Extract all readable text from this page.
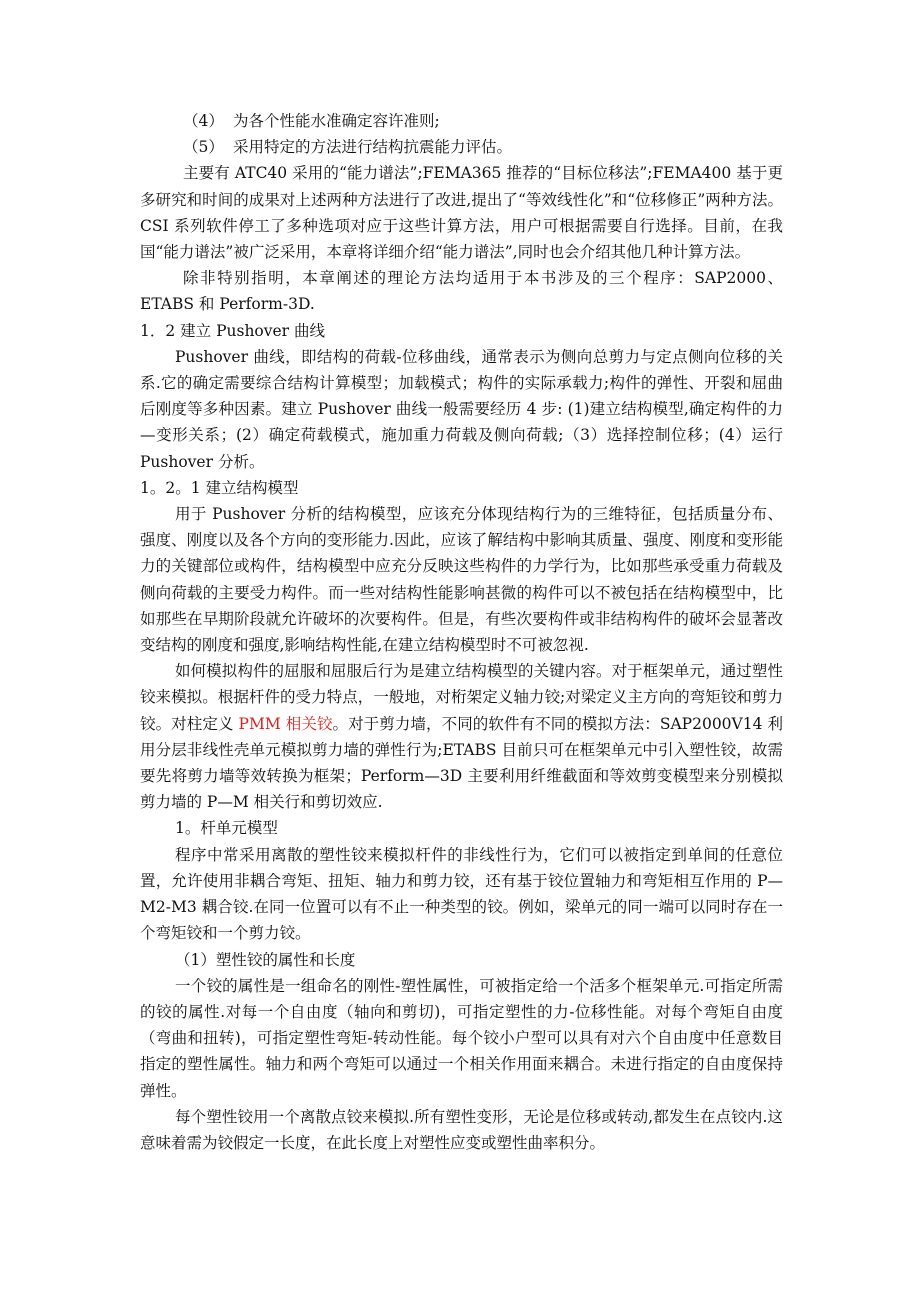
（4） 为各个性能水准确定容许准则;

（5） 采用特定的方法进行结构抗震能力评估。

主要有 ATC40 采用的“能力谱法”;FEMA365 推荐的“目标位移法”;FEMA400 基于更多研究和时间的成果对上述两种方法进行了改进,提出了“等效线性化”和“位移修正”两种方法。CSI 系列软件停工了多种选项对应于这些计算方法，用户可根据需要自行选择。目前，在我国“能力谱法”被广泛采用，本章将详细介绍“能力谱法”,同时也会介绍其他几种计算方法。

除非特别指明，本章阐述的理论方法均适用于本书涉及的三个程序：SAP2000、ETABS 和 Perform-3D.

1．2 建立 Pushover 曲线

Pushover 曲线，即结构的荷载-位移曲线，通常表示为侧向总剪力与定点侧向位移的关系.它的确定需要综合结构计算模型；加载模式；构件的实际承载力;构件的弹性、开裂和屈曲后刚度等多种因素。建立 Pushover 曲线一般需要经历 4 步: (1)建立结构模型,确定构件的力—变形关系；(2）确定荷载模式，施加重力荷载及侧向荷载;（3）选择控制位移；(4）运行 Pushover 分析。

1。2。1 建立结构模型

用于 Pushover 分析的结构模型，应该充分体现结构行为的三维特征，包括质量分布、强度、刚度以及各个方向的变形能力.因此，应该了解结构中影响其质量、强度、刚度和变形能力的关键部位或构件，结构模型中应充分反映这些构件的力学行为，比如那些承受重力荷载及侧向荷载的主要受力构件。而一些对结构性能影响甚微的构件可以不被包括在结构模型中，比如那些在早期阶段就允许破坏的次要构件。但是，有些次要构件或非结构构件的破坏会显著改变结构的刚度和强度,影响结构性能,在建立结构模型时不可被忽视.

如何模拟构件的屈服和屈服后行为是建立结构模型的关键内容。对于框架单元，通过塑性铰来模拟。根据杆件的受力特点，一般地，对桁架定义轴力铰;对梁定义主方向的弯矩铰和剪力铰。对柱定义 PMM 相关铰。对于剪力墙，不同的软件有不同的模拟方法：SAP2000V14 利用分层非线性壳单元模拟剪力墙的弹性行为;ETABS 目前只可在框架单元中引入塑性铰，故需要先将剪力墙等效转换为框架；Perform—3D 主要利用纤维截面和等效剪变模型来分别模拟剪力墙的 P—M 相关行和剪切效应.

1。杆单元模型

程序中常采用离散的塑性铰来模拟杆件的非线性行为，它们可以被指定到单间的任意位置，允许使用非耦合弯矩、扭矩、轴力和剪力铰，还有基于铰位置轴力和弯矩相互作用的 P—M2-M3 耦合铰.在同一位置可以有不止一种类型的铰。例如，梁单元的同一端可以同时存在一个弯矩铰和一个剪力铰。

（1）塑性铰的属性和长度

一个铰的属性是一组命名的刚性-塑性属性，可被指定给一个活多个框架单元.可指定所需的铰的属性.对每一个自由度（轴向和剪切)，可指定塑性的力-位移性能。对每个弯矩自由度（弯曲和扭转)，可指定塑性弯矩-转动性能。每个铰小户型可以具有对六个自由度中任意数目指定的塑性属性。轴力和两个弯矩可以通过一个相关作用面来耦合。未进行指定的自由度保持弹性。

每个塑性铰用一个离散点铰来模拟.所有塑性变形，无论是位移或转动,都发生在点铰内.这意味着需为铰假定一长度，在此长度上对塑性应变或塑性曲率积分。
